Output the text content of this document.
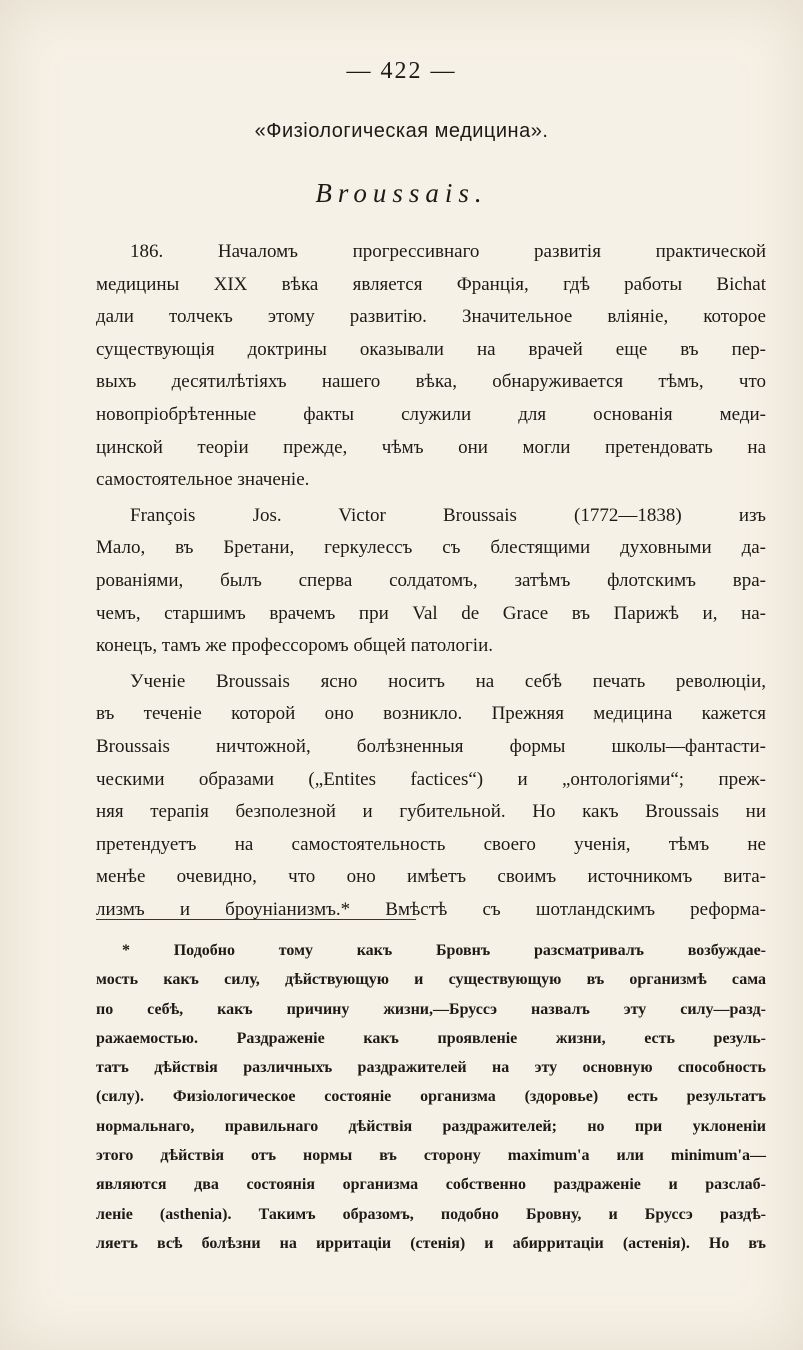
— 422 —
«Физiологическая медицина».
Broussais.
186. Началомъ прогрессивнаго развитiя практической
медицины XIX вѣка является Францiя, гдѣ работы Bichat
дали толчекъ этому развитiю. Значительное влiянiе, которое
существующiя доктрины оказывали на врачей еще въ пер-
выхъ десятилѣтiяхъ нашего вѣка, обнаруживается тѣмъ, что
новопрiобрѣтенные факты служили для основанiя меди-
цинской теорiи прежде, чѣмъ они могли претендовать на
самостоятельное значенiе.
François Jos. Victor Broussais (1772—1838) изъ
Мало, въ Бретани, геркулессъ съ блестящими духовными да-
рованiями, былъ сперва солдатомъ, затѣмъ флотскимъ вра-
чемъ, старшимъ врачемъ при Val de Grace въ Парижѣ и, на-
конецъ, тамъ же профессоромъ общей патологiи.
Ученiе Broussais ясно носитъ на себѣ печать революцiи,
въ теченiе которой оно возникло. Прежняя медицина кажется
Broussais ничтожной, болѣзненныя формы школы—фантасти-
ческими образами („Entites factices“) и „онтологiями“; преж-
няя терапiя безполезной и губительной. Но какъ Broussais ни
претендуетъ на самостоятельность своего ученiя, тѣмъ не
менѣе очевидно, что оно имѣетъ своимъ источникомъ вита-
лизмъ и броунiанизмъ.* Вмѣстѣ съ шотландскимъ реформа-
* Подобно тому какъ Бровнъ разсматривалъ возбуждае-
мость какъ силу, дѣйствующую и существующую въ организмѣ сама
по себѣ, какъ причину жизни,—Бруссэ назвалъ эту силу—разд-
ражаемостью. Раздраженiе какъ проявленiе жизни, есть резуль-
татъ дѣйствiя различныхъ раздражителей на эту основную способность
(силу). Физiологическое состоянiе организма (здоровье) есть результатъ
нормальнаго, правильнаго дѣйствiя раздражителей; но при уклоненiи
этого дѣйствiя отъ нормы въ сторону maximum'a или minimum'a—
являются два состоянiя организма собственно раздраженiе и разслаб-
ленiе (asthenia). Такимъ образомъ, подобно Бровну, и Бруссэ раздѣ-
ляетъ всѣ болѣзни на ирритацiи (стенiя) и абирритацiи (астенiя). Но въ
